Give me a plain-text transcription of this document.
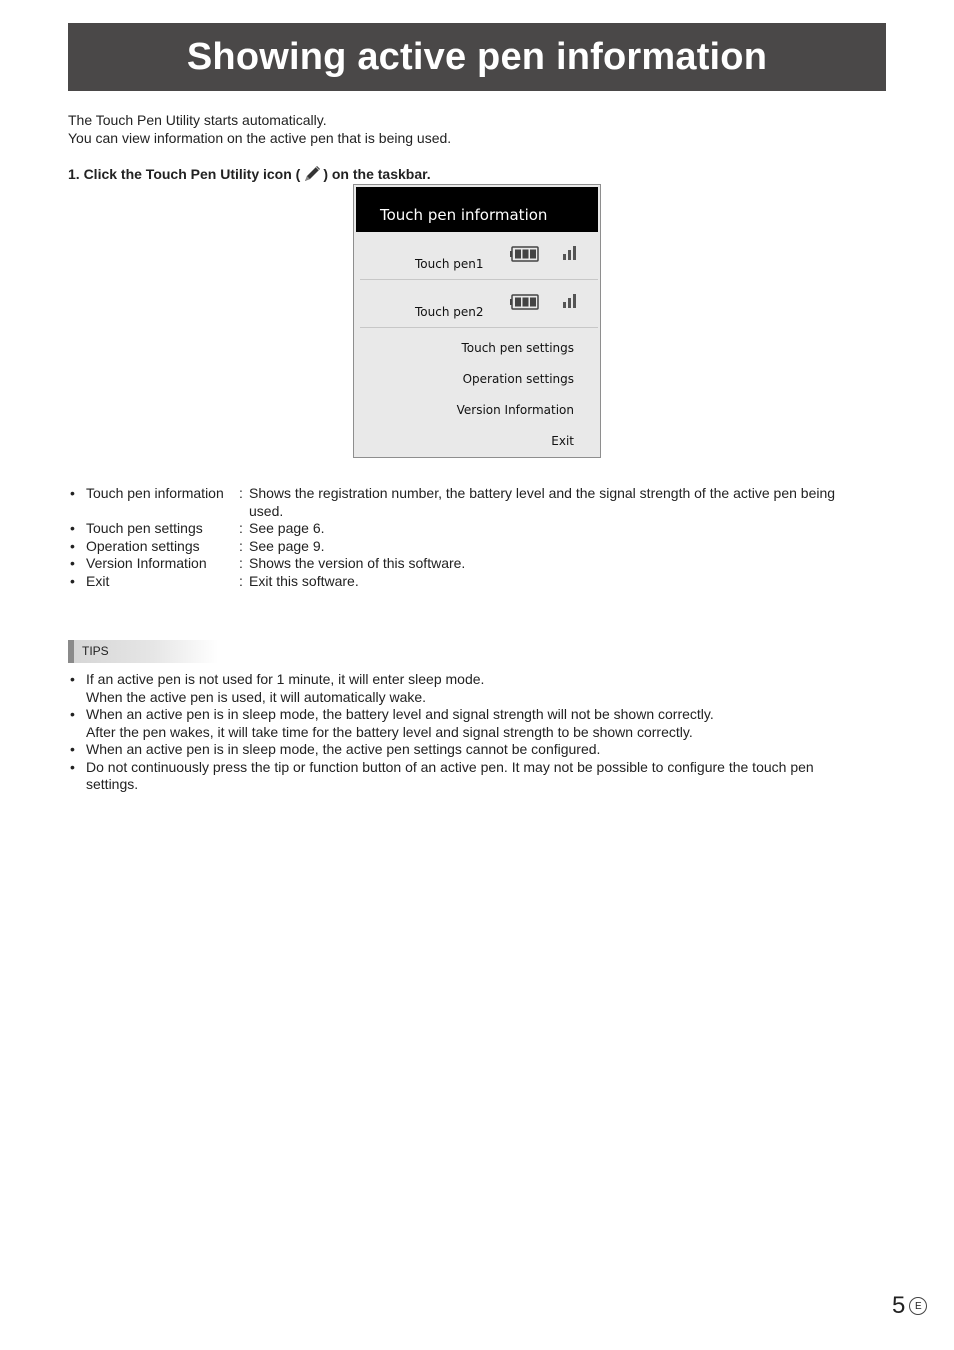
Showing active pen information
The Touch Pen Utility starts automatically.
You can view information on the active pen that is being used.
1. Click the Touch Pen Utility icon ( ) on the taskbar.
Touch pen information
Touch pen1
Touch pen2
Touch pen settings
Operation settings
Version Information
Exit
• Touch pen information	: Shows the registration number, the battery level and the signal strength of the active pen being used.
• Touch pen settings	: See page 6.
• Operation settings	: See page 9.
• Version Information	: Shows the version of this software.
• Exit	: Exit this software.
TIPS
• If an active pen is not used for 1 minute, it will enter sleep mode.
When the active pen is used, it will automatically wake.
• When an active pen is in sleep mode, the battery level and signal strength will not be shown correctly.
After the pen wakes, it will take time for the battery level and signal strength to be shown correctly.
• When an active pen is in sleep mode, the active pen settings cannot be configured.
• Do not continuously press the tip or function button of an active pen. It may not be possible to configure the touch pen settings.
5 E
